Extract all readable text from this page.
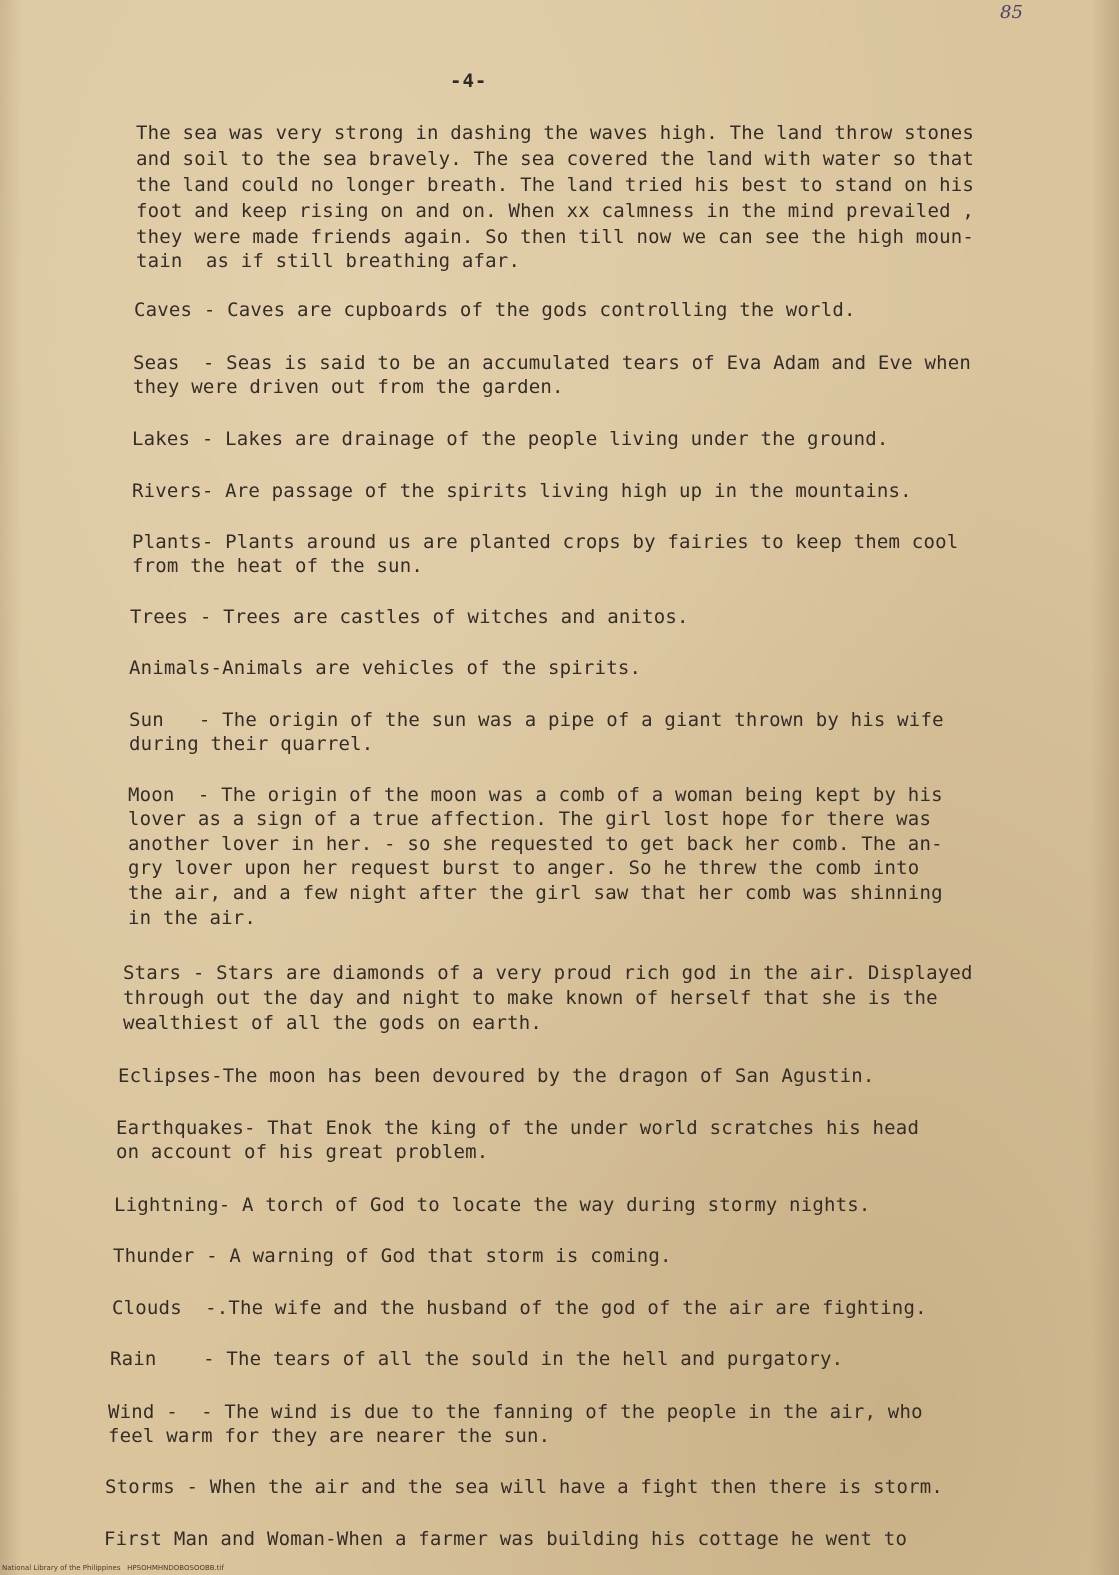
85
-4-
The sea was very strong in dashing the waves high. The land throw stones
and soil to the sea bravely. The sea covered the land with water so that
the land could no longer breath. The land tried his best to stand on his
foot and keep rising on and on. When xx calmness in the mind prevailed ,
they were made friends again. So then till now we can see the high moun-
tain  as if still breathing afar.
Caves - Caves are cupboards of the gods controlling the world.
Seas  - Seas is said to be an accumulated tears of Eva Adam and Eve when
they were driven out from the garden.
Lakes - Lakes are drainage of the people living under the ground.
Rivers- Are passage of the spirits living high up in the mountains.
Plants- Plants around us are planted crops by fairies to keep them cool
from the heat of the sun.
Trees - Trees are castles of witches and anitos.
Animals-Animals are vehicles of the spirits.
Sun   - The origin of the sun was a pipe of a giant thrown by his wife
during their quarrel.
Moon  - The origin of the moon was a comb of a woman being kept by his
lover as a sign of a true affection. The girl lost hope for there was
another lover in her. - so she requested to get back her comb. The an-
gry lover upon her request burst to anger. So he threw the comb into
the air, and a few night after the girl saw that her comb was shinning
in the air.
Stars - Stars are diamonds of a very proud rich god in the air. Displayed
through out the day and night to make known of herself that she is the
wealthiest of all the gods on earth.
Eclipses-The moon has been devoured by the dragon of San Agustin.
Earthquakes- That Enok the king of the under world scratches his head
on account of his great problem.
Lightning- A torch of God to locate the way during stormy nights.
Thunder - A warning of God that storm is coming.
Clouds  -.The wife and the husband of the god of the air are fighting.
Rain    - The tears of all the sould in the hell and purgatory.
Wind -  - The wind is due to the fanning of the people in the air, who
feel warm for they are nearer the sun.
Storms - When the air and the sea will have a fight then there is storm.
First Man and Woman-When a farmer was building his cottage he went to
National Library of the Philippines   HPSOHMHNDOBOSOOBB.tif
